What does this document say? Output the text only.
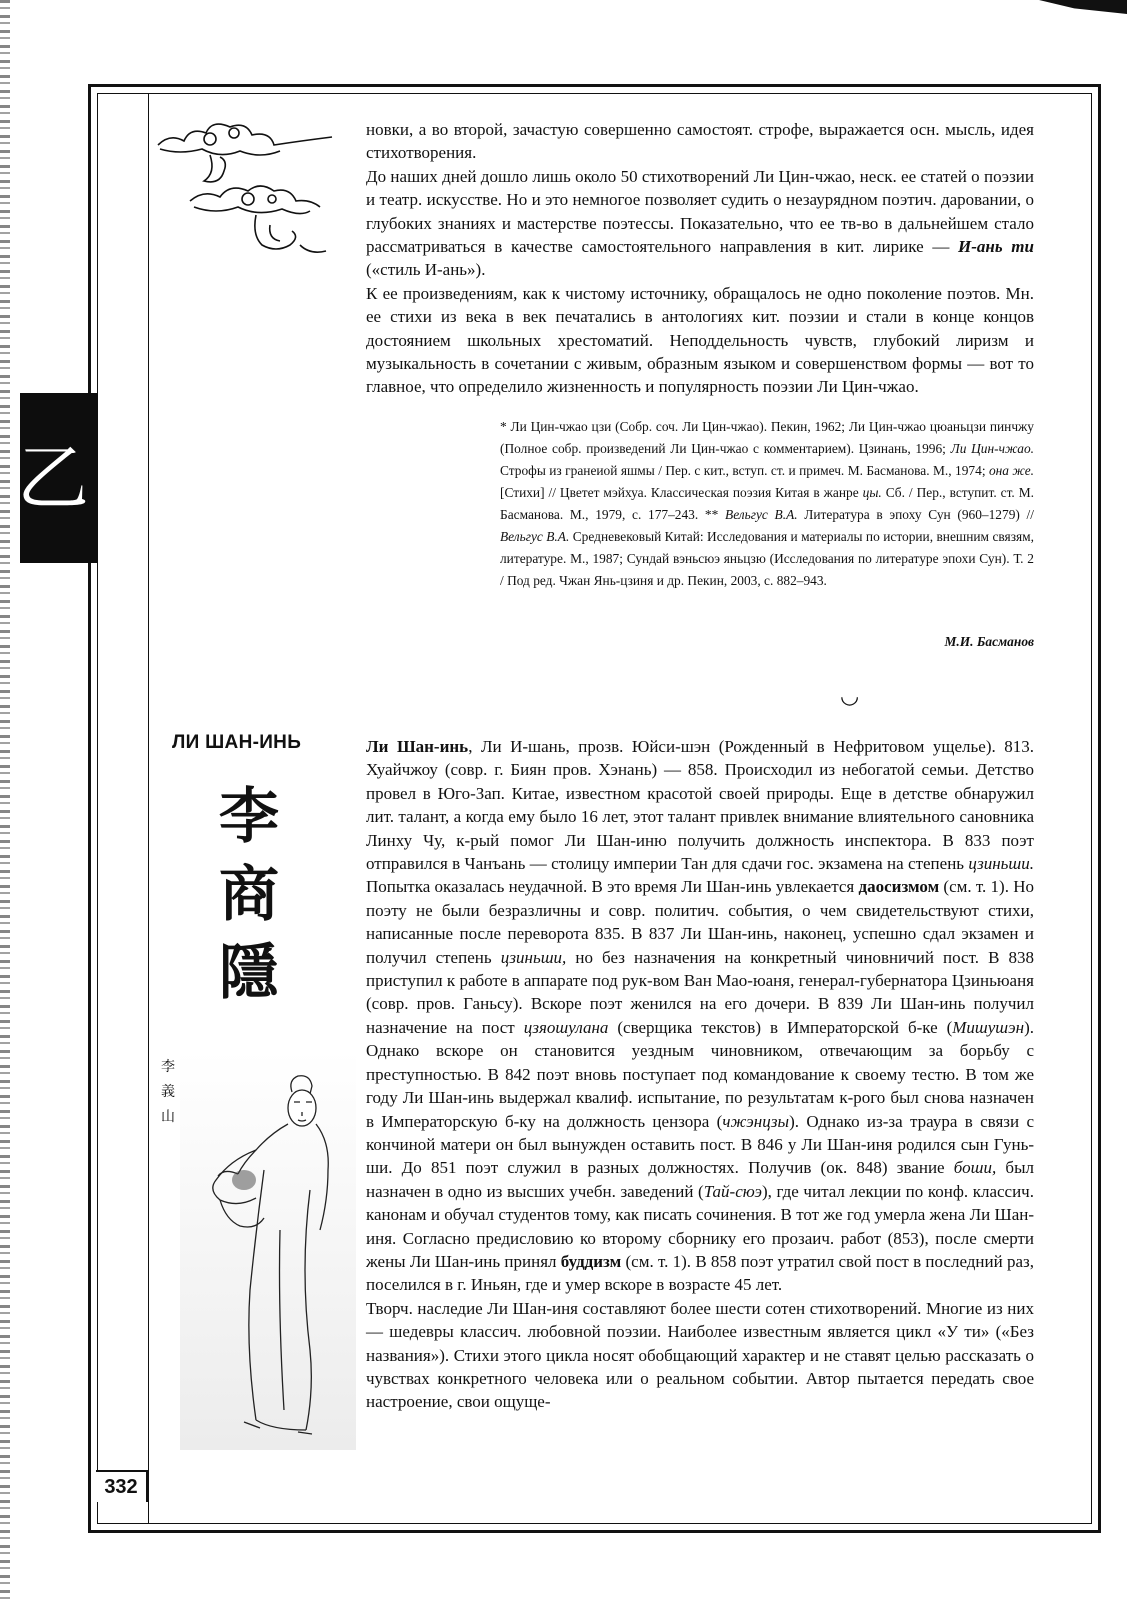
乙

новки, а во второй, зачастую совершенно самостоят. строфе, выражается осн. мысль, идея стихотворения.

До наших дней дошло лишь около 50 стихотворений Ли Цин-чжао, неск. ее статей о поэзии и театр. искусстве. Но и это немногое позволяет судить о незаурядном поэтич. даровании, о глубоких знаниях и мастерстве поэтессы. Показательно, что ее тв-во в дальнейшем стало рассматриваться в качестве самостоятельного направления в кит. лирике — И-ань ти («стиль И-ань»).

К ее произведениям, как к чистому источнику, обращалось не одно поколение поэтов. Мн. ее стихи из века в век печатались в антологиях кит. поэзии и стали в конце концов достоянием школьных хрестоматий. Неподдельность чувств, глубокий лиризм и музыкальность в сочетании с живым, образным языком и совершенством формы — вот то главное, что определило жизненность и популярность поэзии Ли Цин-чжао.

* Ли Цин-чжао цзи (Собр. соч. Ли Цин-чжао). Пекин, 1962; Ли Цин-чжао цюаньцзи пинчжу (Полное собр. произведений Ли Цин-чжао с комментарием). Цзинань, 1996; Ли Цин-чжао. Строфы из гранеиой яшмы / Пер. с кит., вступ. ст. и примеч. М. Басманова. М., 1974; она же. [Стихи] // Цветет мэйхуа. Классическая поэзия Китая в жанре цы. Сб. / Пер., вступит. ст. М. Басманова. М., 1979, с. 177–243. ** Вельгус В.А. Литература в эпоху Сун (960–1279) // Вельгус В.А. Средневековый Китай: Исследования и материалы по истории, внешним связям, литературе. М., 1987; Сундай вэньсюэ яньцзю (Исследования по литературе эпохи Сун). Т. 2 / Под ред. Чжан Янь-цзиня и др. Пекин, 2003, с. 882–943.
М.И. Басманов
◡
ЛИ ШАН-ИНЬ
李
商
隱
李
義
山

Ли Шан-инь, Ли И-шань, прозв. Юйси-шэн (Рожденный в Нефритовом ущелье). 813. Хуайчжоу (совр. г. Биян пров. Хэнань) — 858. Происходил из небогатой семьи. Детство провел в Юго-Зап. Китае, известном красотой своей природы. Еще в детстве обнаружил лит. талант, а когда ему было 16 лет, этот талант привлек внимание влиятельного сановника Линху Чу, к-рый помог Ли Шан-иню получить должность инспектора. В 833 поэт отправился в Чанъань — столицу империи Тан для сдачи гос. экзамена на степень цзиньши. Попытка оказалась неудачной. В это время Ли Шан-инь увлекается даосизмом (см. т. 1). Но поэту не были безразличны и совр. политич. события, о чем свидетельствуют стихи, написанные после переворота 835. В 837 Ли Шан-инь, наконец, успешно сдал экзамен и получил степень цзиньши, но без назначения на конкретный чиновничий пост. В 838 приступил к работе в аппарате под рук-вом Ван Мао-юаня, генерал-губернатора Цзиньюаня (совр. пров. Ганьсу). Вскоре поэт женился на его дочери. В 839 Ли Шан-инь получил назначение на пост цзяошулана (сверщика текстов) в Императорской б-ке (Мишушэн). Однако вскоре он становится уездным чиновником, отвечающим за борьбу с преступностью. В 842 поэт вновь поступает под командование к своему тестю. В том же году Ли Шан-инь выдержал квалиф. испытание, по результатам к-рого был снова назначен в Императорскую б-ку на должность цензора (чжэнцзы). Однако из-за траура в связи с кончиной матери он был вынужден оставить пост. В 846 у Ли Шан-иня родился сын Гунь-ши. До 851 поэт служил в разных должностях. Получив (ок. 848) звание боши, был назначен в одно из высших учебн. заведений (Тай-сюэ), где читал лекции по конф. классич. канонам и обучал студентов тому, как писать сочинения. В тот же год умерла жена Ли Шан-иня. Согласно предисловию ко второму сборнику его прозаич. работ (853), после смерти жены Ли Шан-инь принял буддизм (см. т. 1). В 858 поэт утратил свой пост в последний раз, поселился в г. Иньян, где и умер вскоре в возрасте 45 лет.

Творч. наследие Ли Шан-иня составляют более шести сотен стихотворений. Многие из них — шедевры классич. любовной поэзии. Наиболее известным является цикл «У ти» («Без названия»). Стихи этого цикла носят обобщающий характер и не ставят целью рассказать о чувствах конкретного человека или о реальном событии. Автор пытается передать свое настроение, свои ощуще-

332
